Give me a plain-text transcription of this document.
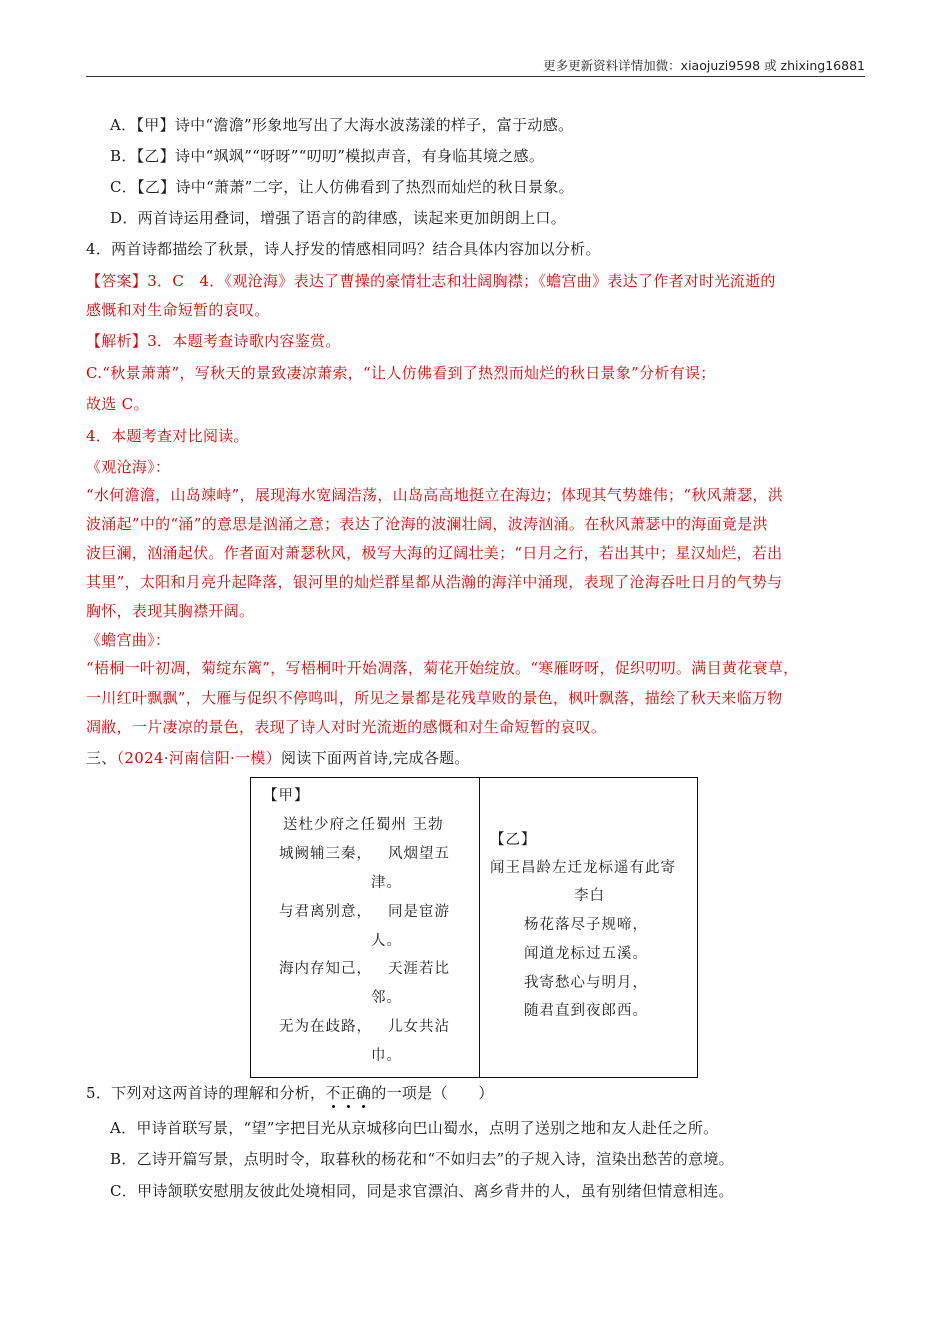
更多更新资料详情加微：xiaojuzi9598 或 zhixing16881
A．【甲】诗中“澹澹”形象地写出了大海水波荡漾的样子，富于动感。
B．【乙】诗中“飒飒”“呀呀”“叨叨”模拟声音，有身临其境之感。
C．【乙】诗中“萧萧”二字，让人仿佛看到了热烈而灿烂的秋日景象。
D．两首诗运用叠词，增强了语言的韵律感，读起来更加朗朗上口。
4．两首诗都描绘了秋景，诗人抒发的情感相同吗？结合具体内容加以分析。
【答案】3．C　4．《观沧海》表达了曹操的豪情壮志和壮阔胸襟；《蟾宫曲》表达了作者对时光流逝的
感慨和对生命短暂的哀叹。
【解析】3．本题考查诗歌内容鉴赏。
C.“秋景萧萧”，写秋天的景致凄凉萧索，“让人仿佛看到了热烈而灿烂的秋日景象”分析有误；
故选 C。
4．本题考查对比阅读。
《观沧海》：
“水何澹澹，山岛竦峙”，展现海水宽阔浩荡，山岛高高地挺立在海边；体现其气势雄伟；“秋风萧瑟，洪
波涌起”中的“涌”的意思是汹涌之意；表达了沧海的波澜壮阔，波涛汹涌。在秋风萧瑟中的海面竟是洪
波巨澜，汹涌起伏。作者面对萧瑟秋风，极写大海的辽阔壮美；“日月之行，若出其中；星汉灿烂，若出
其里”，太阳和月亮升起降落，银河里的灿烂群星都从浩瀚的海洋中涌现，表现了沧海吞吐日月的气势与
胸怀，表现其胸襟开阔。
《蟾宫曲》：
“梧桐一叶初凋，菊绽东篱”，写梧桐叶开始凋落，菊花开始绽放。“寒雁呀呀，促织叨叨。满目黄花衰草，
一川红叶飘飘”，大雁与促织不停鸣叫，所见之景都是花残草败的景色，枫叶飘落，描绘了秋天来临万物
凋敝，一片凄凉的景色，表现了诗人对时光流逝的感慨和对生命短暂的哀叹。
三、（2024·河南信阳·一模）阅读下面两首诗,完成各题。
【甲】
送杜少府之任蜀州 王勃
城阙辅三秦， 风烟望五
津。
与君离别意， 同是宦游
人。
海内存知己， 天涯若比
邻。
无为在歧路， 儿女共沾
巾。
【乙】
闻王昌龄左迁龙标遥有此寄
李白
杨花落尽子规啼，
闻道龙标过五溪。
我寄愁心与明月，
随君直到夜郎西。
5．下列对这两首诗的理解和分析，不正确
的一项是（　　）
A．甲诗首联写景，“望”字把目光从京城移向巴山蜀水，点明了送别之地和友人赴任之所。
B．乙诗开篇写景，点明时令，取暮秋的杨花和“不如归去”的子规入诗，渲染出愁苦的意境。
C．甲诗颔联安慰朋友彼此处境相同，同是求官漂泊、离乡背井的人，虽有别绪但情意相连。
